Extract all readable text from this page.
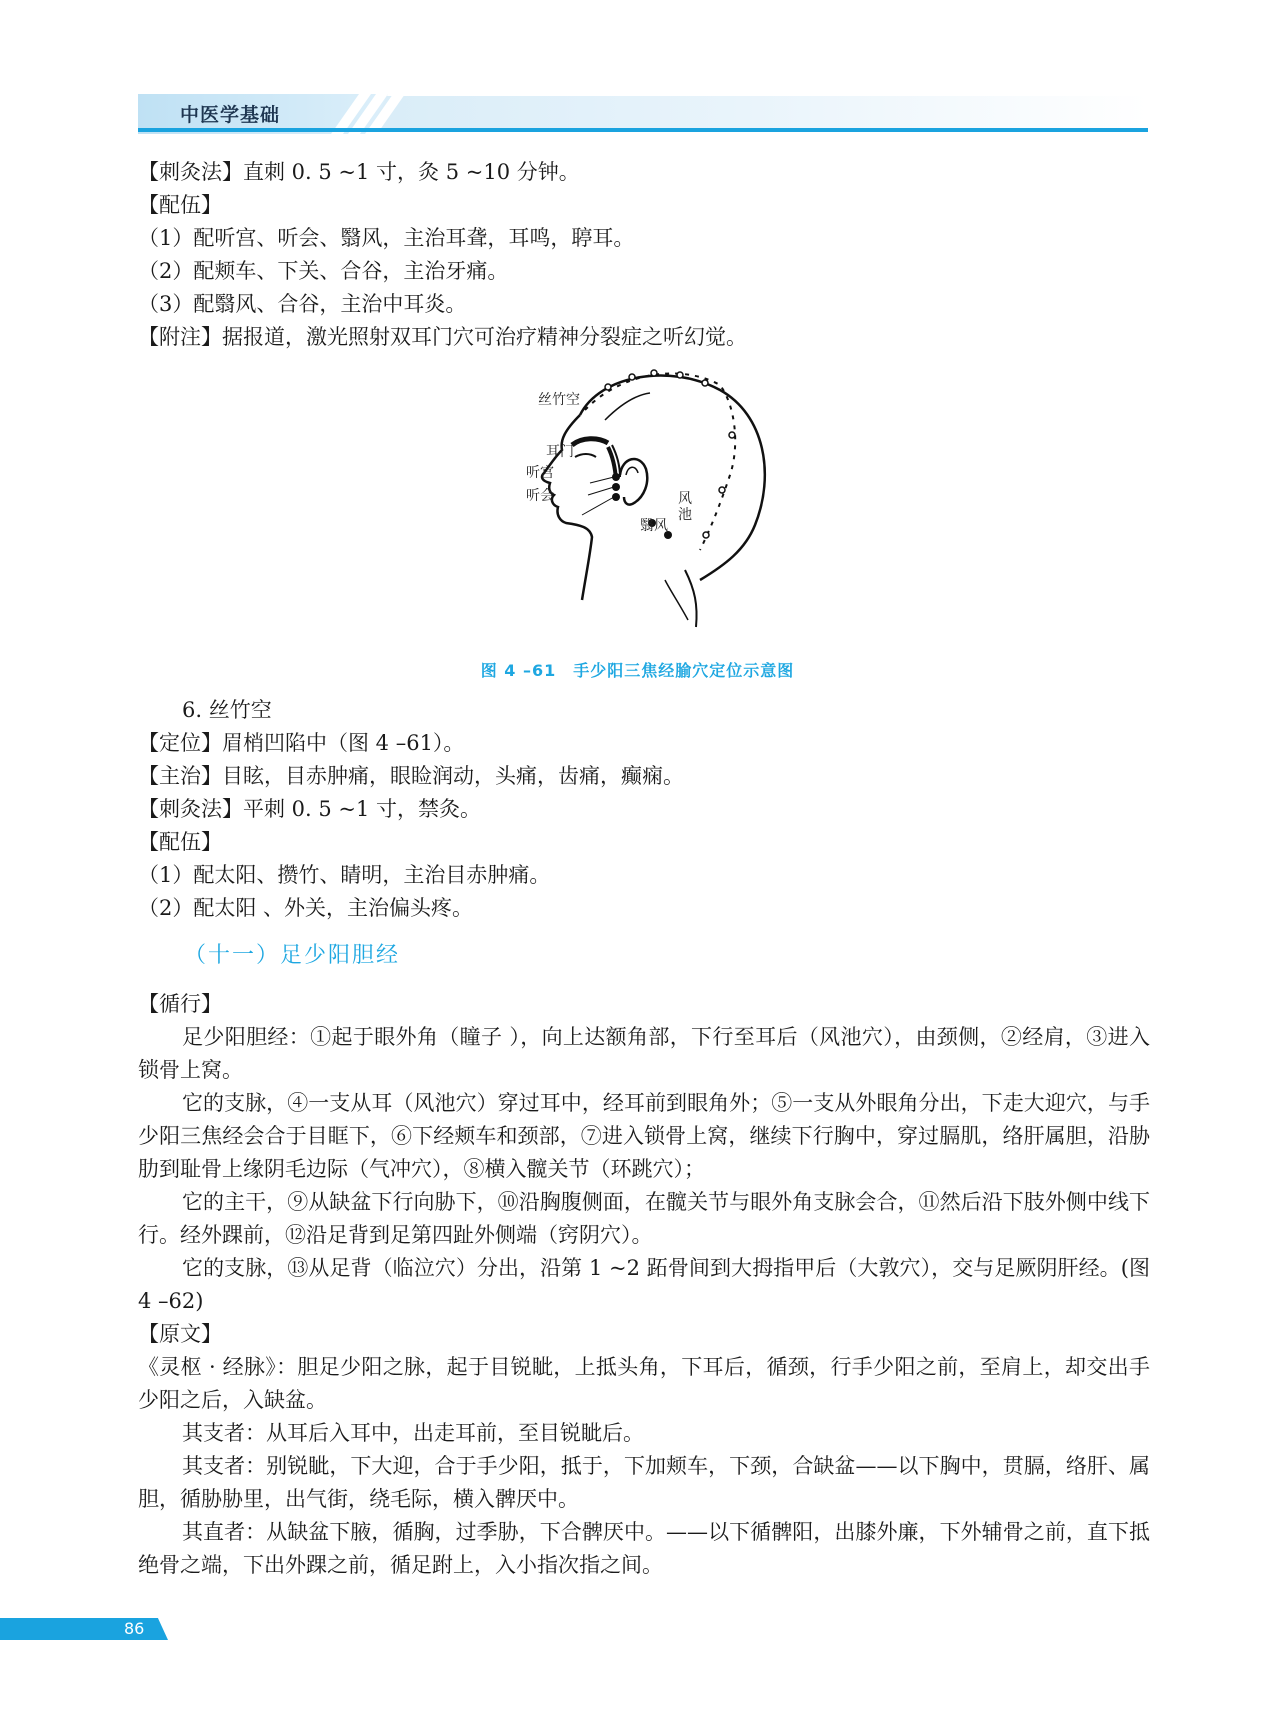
中医学基础
【刺灸法】直刺 0. 5 ~1 寸，灸 5 ~10 分钟。
【配伍】
（1）配听宫、听会、翳风，主治耳聋，耳鸣，聤耳。
（2）配颊车、下关、合谷，主治牙痛。
（3）配翳风、合谷，主治中耳炎。
【附注】据报道，激光照射双耳门穴可治疗精神分裂症之听幻觉。
丝竹空
耳门
听宫
听会	风池
翳风
图 4 –61　手少阳三焦经腧穴定位示意图
6. 丝竹空
【定位】眉梢凹陷中（图 4 –61）。
【主治】目眩，目赤肿痛，眼睑润动，头痛，齿痛，癫痫。
【刺灸法】平刺 0. 5 ~1 寸，禁灸。
【配伍】
（1）配太阳、攒竹、睛明，主治目赤肿痛。
（2）配太阳 、外关，主治偏头疼。
（十一）足少阳胆经
【循行】

足少阳胆经：①起于眼外角（瞳子 ），向上达额角部，下行至耳后（风池穴），由颈侧，②经肩，③进入锁骨上窝。

它的支脉，④一支从耳（风池穴）穿过耳中，经耳前到眼角外；⑤一支从外眼角分出，下走大迎穴，与手少阳三焦经会合于目眶下，⑥下经颊车和颈部，⑦进入锁骨上窝，继续下行胸中，穿过膈肌，络肝属胆，沿胁肋到耻骨上缘阴毛边际（气冲穴），⑧横入髋关节（环跳穴）；

它的主干，⑨从缺盆下行向胁下，⑩沿胸腹侧面，在髋关节与眼外角支脉会合，⑪然后沿下肢外侧中线下行。经外踝前，⑫沿足背到足第四趾外侧端（窍阴穴）。

它的支脉，⑬从足背（临泣穴）分出，沿第 1 ~2 跖骨间到大拇指甲后（大敦穴），交与足厥阴肝经。(图 4 –62)

【原文】

《灵枢 · 经脉》：胆足少阳之脉，起于目锐眦，上抵头角，下耳后，循颈，行手少阳之前，至肩上，却交出手少阳之后，入缺盆。

其支者：从耳后入耳中，出走耳前，至目锐眦后。

其支者：别锐眦，下大迎，合于手少阳，抵于，下加颊车，下颈，合缺盆——以下胸中，贯膈，络肝、属胆，循胁胁里，出气街，绕毛际，横入髀厌中。

其直者：从缺盆下腋，循胸，过季胁，下合髀厌中。——以下循髀阳，出膝外廉，下外辅骨之前，直下抵绝骨之端，下出外踝之前，循足跗上，入小指次指之间。

86
